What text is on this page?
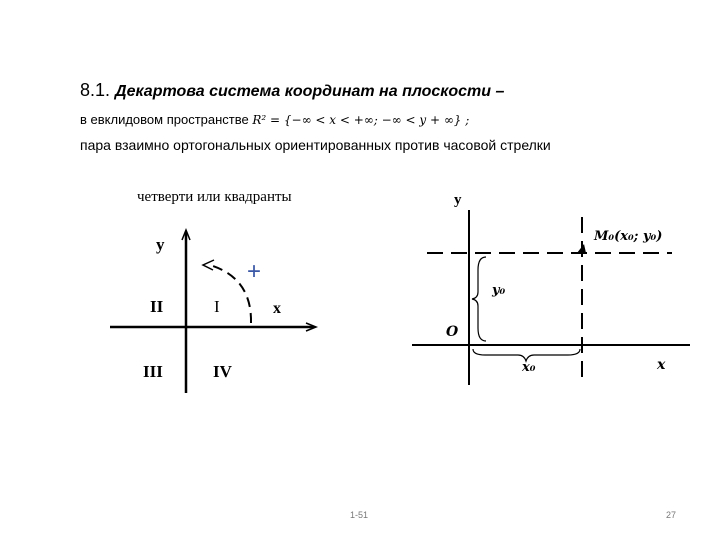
8.1. Декартова система координат на плоскости –
в евклидовом пространстве R² = {−∞ < x < +∞; −∞ < y + ∞} ;
пара взаимно ортогональных ориентированных против часовой стрелки
четверти или квадранты
y
x
II	I
III	IV
+
y
x
O
M₀(x₀; y₀)
y₀
x₀
1-51	27
